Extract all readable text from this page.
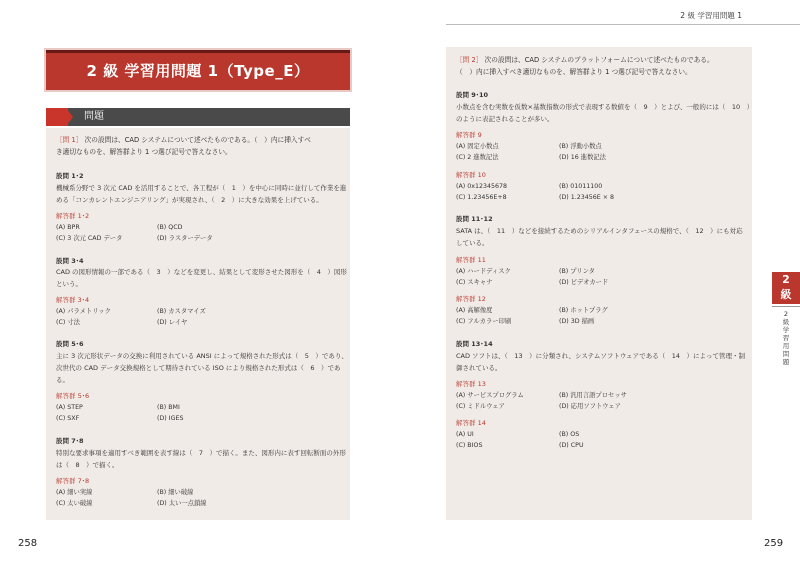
2 級 学習用問題 1
2 級 学習用問題 1（Type_E）
問題
［問 1］ 次の設問は、CAD システムについて述べたものである。（　）内に挿入すべ
き適切なものを、解答群より 1 つ選び記号で答えなさい。
設問 1･2
機械系分野で 3 次元 CAD を活用することで、各工程が（　1　）を中心に同時に並行して作業を進
める「コンカレントエンジニアリング」が実現され、（　2　）に大きな効果を上げている。
解答群 1･2
(A) BPR	(B) QCD
(C) 3 次元 CAD データ	(D) ラスターデータ
設問 3･4
CAD の図形情報の一部である（　3　）などを変更し、結果として変形させた図形を（　4　）図形
という。
解答群 3･4
(A) パラメトリック	(B) カスタマイズ
(C) 寸法	(D) レイヤ
設問 5･6
主に 3 次元形状データの交換に利用されている ANSI によって規格された形式は（　5　）であり、
次世代の CAD データ交換規格として期待されている ISO により規格された形式は（　6　）であ
る。
解答群 5･6
(A) STEP	(B) BMI
(C) SXF	(D) IGES
設問 7･8
特別な要求事項を適用すべき範囲を表す線は（　7　）で描く。また、図形内に表す回転断面の外形
は（　8　）で描く。
解答群 7･8
(A) 細い実線	(B) 細い破線
(C) 太い破線	(D) 太い一点鎖線
［問 2］ 次の設問は、CAD システムのプラットフォームについて述べたものである。
（　）内に挿入すべき適切なものを、解答群より 1 つ選び記号で答えなさい。
設問 9･10
小数点を含む実数を仮数×基数指数の形式で表現する数値を（　9　）とよび、一般的には（　10　）
のように表記されることが多い。
解答群 9
(A) 固定小数点	(B) 浮動小数点
(C) 2 進数記法	(D) 16 進数記法
解答群 10
(A) 0x12345678	(B) 01011100
(C) 1.23456E+8	(D) 1.23456E × 8
設問 11･12
SATA は、（　11　）などを接続するためのシリアルインタフェースの規格で、（　12　）にも対応
している。
解答群 11
(A) ハードディスク	(B) プリンタ
(C) スキャナ	(D) ビデオカード
解答群 12
(A) 高解像度	(B) ホットプラグ
(C) フルカラー印刷	(D) 3D 描画
設問 13･14
CAD ソフトは、（　13　）に分類され、システムソフトウェアである（　14　）によって管理・制
御されている。
解答群 13
(A) サービスプログラム	(B) 汎用言語プロセッサ
(C) ミドルウェア	(D) 応用ソフトウェア
解答群 14
(A) UI	(B) OS
(C) BIOS	(D) CPU
2
級
2
級
学
習
用
問
題
258	259
